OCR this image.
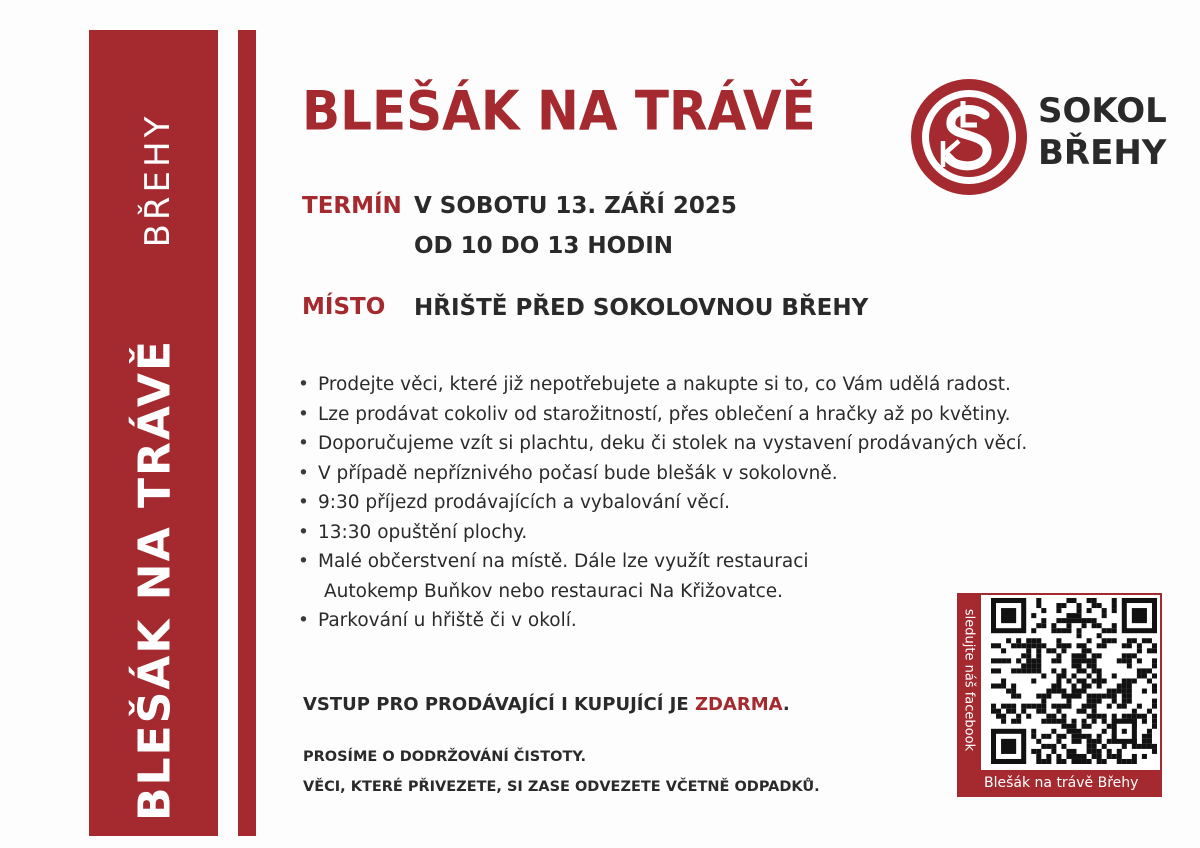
BŘEHY
BLEŠÁK NA TRÁVĚ
BLEŠÁK NA TRÁVĚ	SOKOL
BŘEHY
TERMÍN V SOBOTU 13. ZÁŘÍ 2025
OD 10 DO 13 HODIN
MÍSTO HŘIŠTĚ PŘED SOKOLOVNOU BŘEHY
• Prodejte věci, které již nepotřebujete a nakupte si to, co Vám udělá radost.
• Lze prodávat cokoliv od starožitností, přes oblečení a hračky až po květiny.
• Doporučujeme vzít si plachtu, deku či stolek na vystavení prodávaných věcí.
• V případě nepříznivého počasí bude blešák v sokolovně.
• 9:30 příjezd prodávajících a vybalování věcí.
• 13:30 opuštění plochy.
• Malé občerstvení na místě. Dále lze využít restauraci
Autokemp Buňkov nebo restauraci Na Křižovatce.
• Parkování u hřiště či v okolí.
VSTUP PRO PRODÁVAJÍCÍ I KUPUJÍCÍ JE ZDARMA.
PROSÍME O DODRŽOVÁNÍ ČISTOTY.
VĚCI, KTERÉ PŘIVEZETE, SI ZASE ODVEZETE VČETNĚ ODPADKŮ.
sledujte náš facebook
Blešák na trávě Břehy
